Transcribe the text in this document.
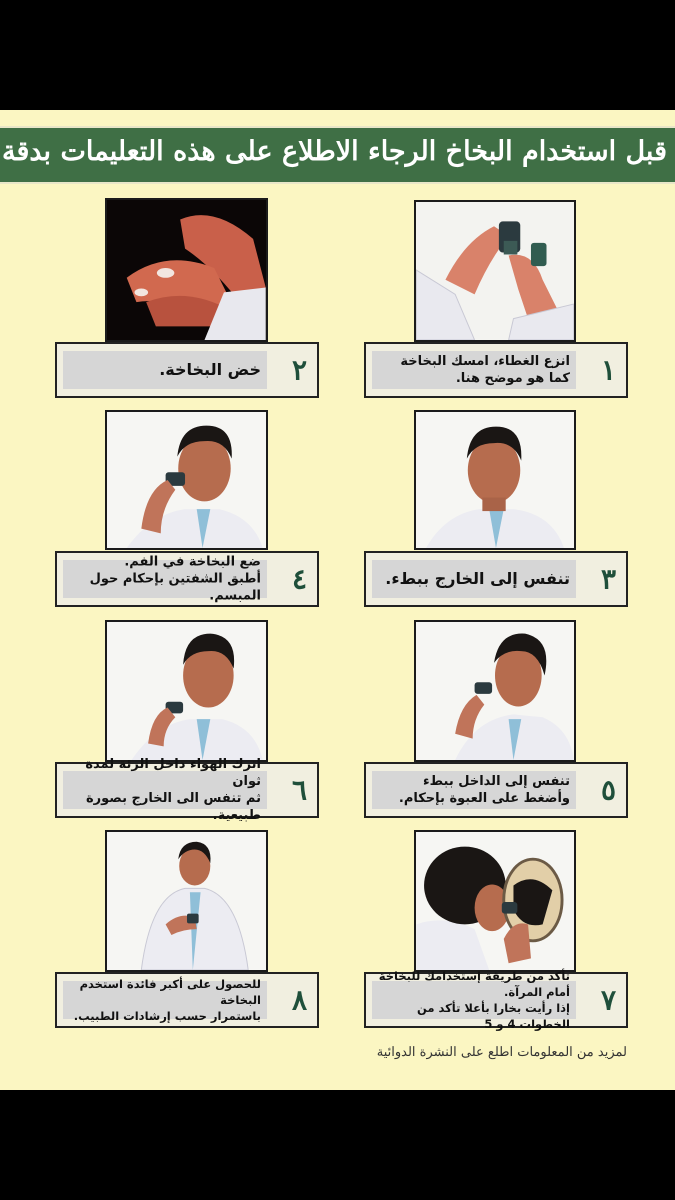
قبل استخدام البخاخ الرجاء الاطلاع على هذه التعليمات بدقة
١
انزع الغطاء، امسك البخاخة
كما هو موضح هنا.
٢
خض البخاخة.
٣
تنفس إلى الخارج ببطء.
٤
ضع البخاخة في الفم.
أطبق الشفتين بإحكام حول المبسم.
٥
تنفس إلى الداخل ببطء
وأضغط على العبوة بإحكام.
٦
اترك الهواء داخل الرئة لمدة ثوان
ثم تنفس الى الخارج بصورة طبيعية.
٧
تأكد من طريقة إستخدامك للبخاخة أمام المرآة.
إذا رأيت بخارا بأعلا تأكد من الخطوات 4 و 5
٨
للحصول على أكبر فائدة استخدم البخاخة
باستمرار حسب إرشادات الطبيب.
لمزيد من المعلومات اطلع على النشرة الدوائية
